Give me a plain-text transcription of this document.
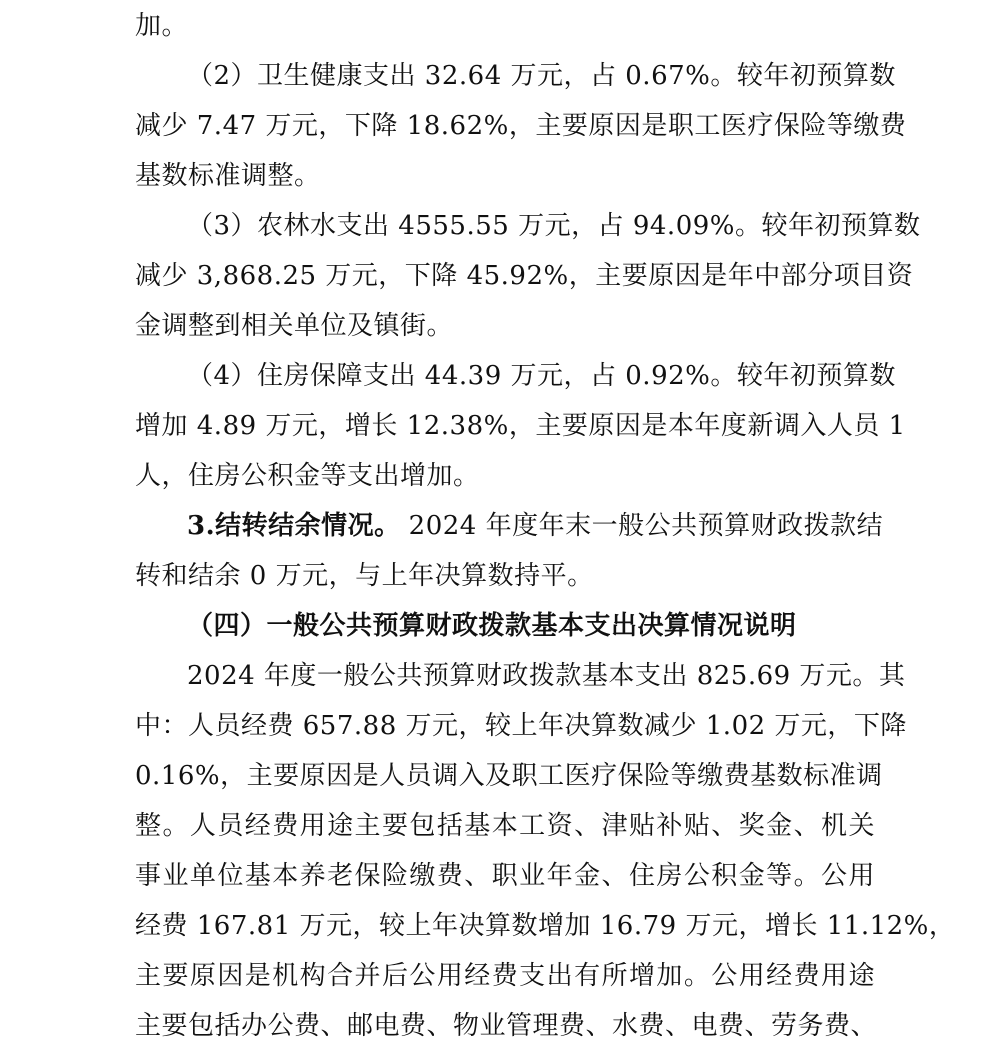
加。
（2）卫生健康支出 32.64 万元，占 0.67%。较年初预算数
减少 7.47 万元，下降 18.62%，主要原因是职工医疗保险等缴费
基数标准调整。
（3）农林水支出 4555.55 万元，占 94.09%。较年初预算数
减少 3,868.25 万元，下降 45.92%，主要原因是年中部分项目资
金调整到相关单位及镇街。
（4）住房保障支出 44.39 万元，占 0.92%。较年初预算数
增加 4.89 万元，增长 12.38%，主要原因是本年度新调入人员 1
人，住房公积金等支出增加。
3.结转结余情况。 2024 年度年末一般公共预算财政拨款结
转和结余 0 万元，与上年决算数持平。
（四）一般公共预算财政拨款基本支出决算情况说明
2024 年度一般公共预算财政拨款基本支出 825.69 万元。其
中：人员经费 657.88 万元，较上年决算数减少 1.02 万元，下降
0.16%，主要原因是人员调入及职工医疗保险等缴费基数标准调
整。人员经费用途主要包括基本工资、津贴补贴、奖金、机关
事业单位基本养老保险缴费、职业年金、住房公积金等。公用
经费 167.81 万元，较上年决算数增加 16.79 万元，增长 11.12%，
主要原因是机构合并后公用经费支出有所增加。公用经费用途
主要包括办公费、邮电费、物业管理费、水费、电费、劳务费、
